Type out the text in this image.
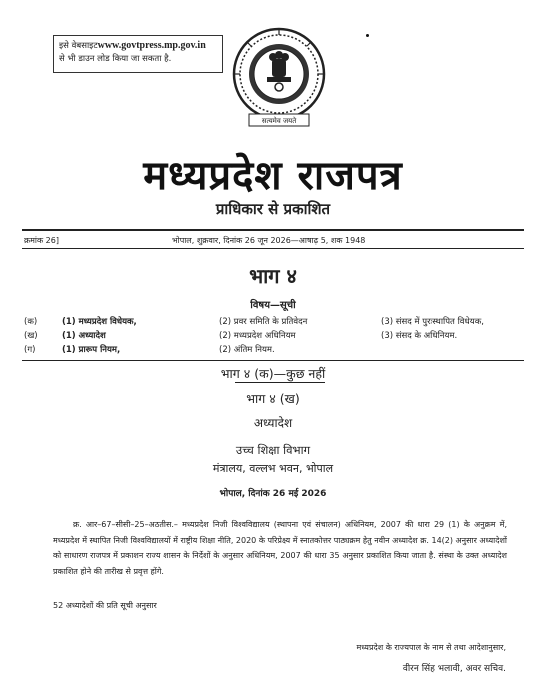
इसे वेबसाइटwww.govtpress.mp.gov.in
से भी डाउन लोड किया जा सकता है.
सत्यमेव जयते
मध्यप्रदेश राजपत्र
प्राधिकार से प्रकाशित
क्रमांक 26]	भोपाल, शुक्रवार, दिनांक 26 जून 2026—आषाढ़ 5, शक 1948
भाग ४
विषय—सूची
(क)	(1) मध्यप्रदेश विधेयक,	(2) प्रवर समिति के प्रतिवेदन	(3) संसद में पुरःस्थापित विधेयक,
(ख)	(1) अध्यादेश	(2) मध्यप्रदेश अधिनियम	(3) संसद के अधिनियम.
(ग)	(1) प्रारूप नियम,	(2) अंतिम नियम.
भाग ४ (क)—कुछ नहीं
भाग ४ (ख)
अध्यादेश
उच्च शिक्षा विभाग
मंत्रालय, वल्लभ भवन, भोपाल
भोपाल, दिनांक 26 मई 2026
क्र. आर–67–सीसी–25–अठतीस.– मध्यप्रदेश निजी विश्वविद्यालय (स्थापना एवं संचालन) अधिनियम, 2007 की धारा 29 (1) के अनुक्रम में, मध्यप्रदेश में स्थापित निजी विश्वविद्यालयों में राष्ट्रीय शिक्षा नीति, 2020 के परिप्रेक्ष्य में स्नातकोत्तर पाठ्यक्रम हेतु नवीन अध्यादेश क्र. 14(2) अनुसार अध्यादेशों को साधारण राजपत्र में प्रकाशन राज्य शासन के निर्देशों के अनुसार अधिनियम, 2007 की धारा 35 अनुसार प्रकाशित किया जाता है. संस्था के उक्त अध्यादेश प्रकाशित होने की तारीख से प्रवृत्त होंगे.
52 अध्यादेशों की प्रति सूची अनुसार
मध्यप्रदेश के राज्यपाल के नाम से तथा आदेशानुसार,
वीरन सिंह भलावी, अवर सचिव.
